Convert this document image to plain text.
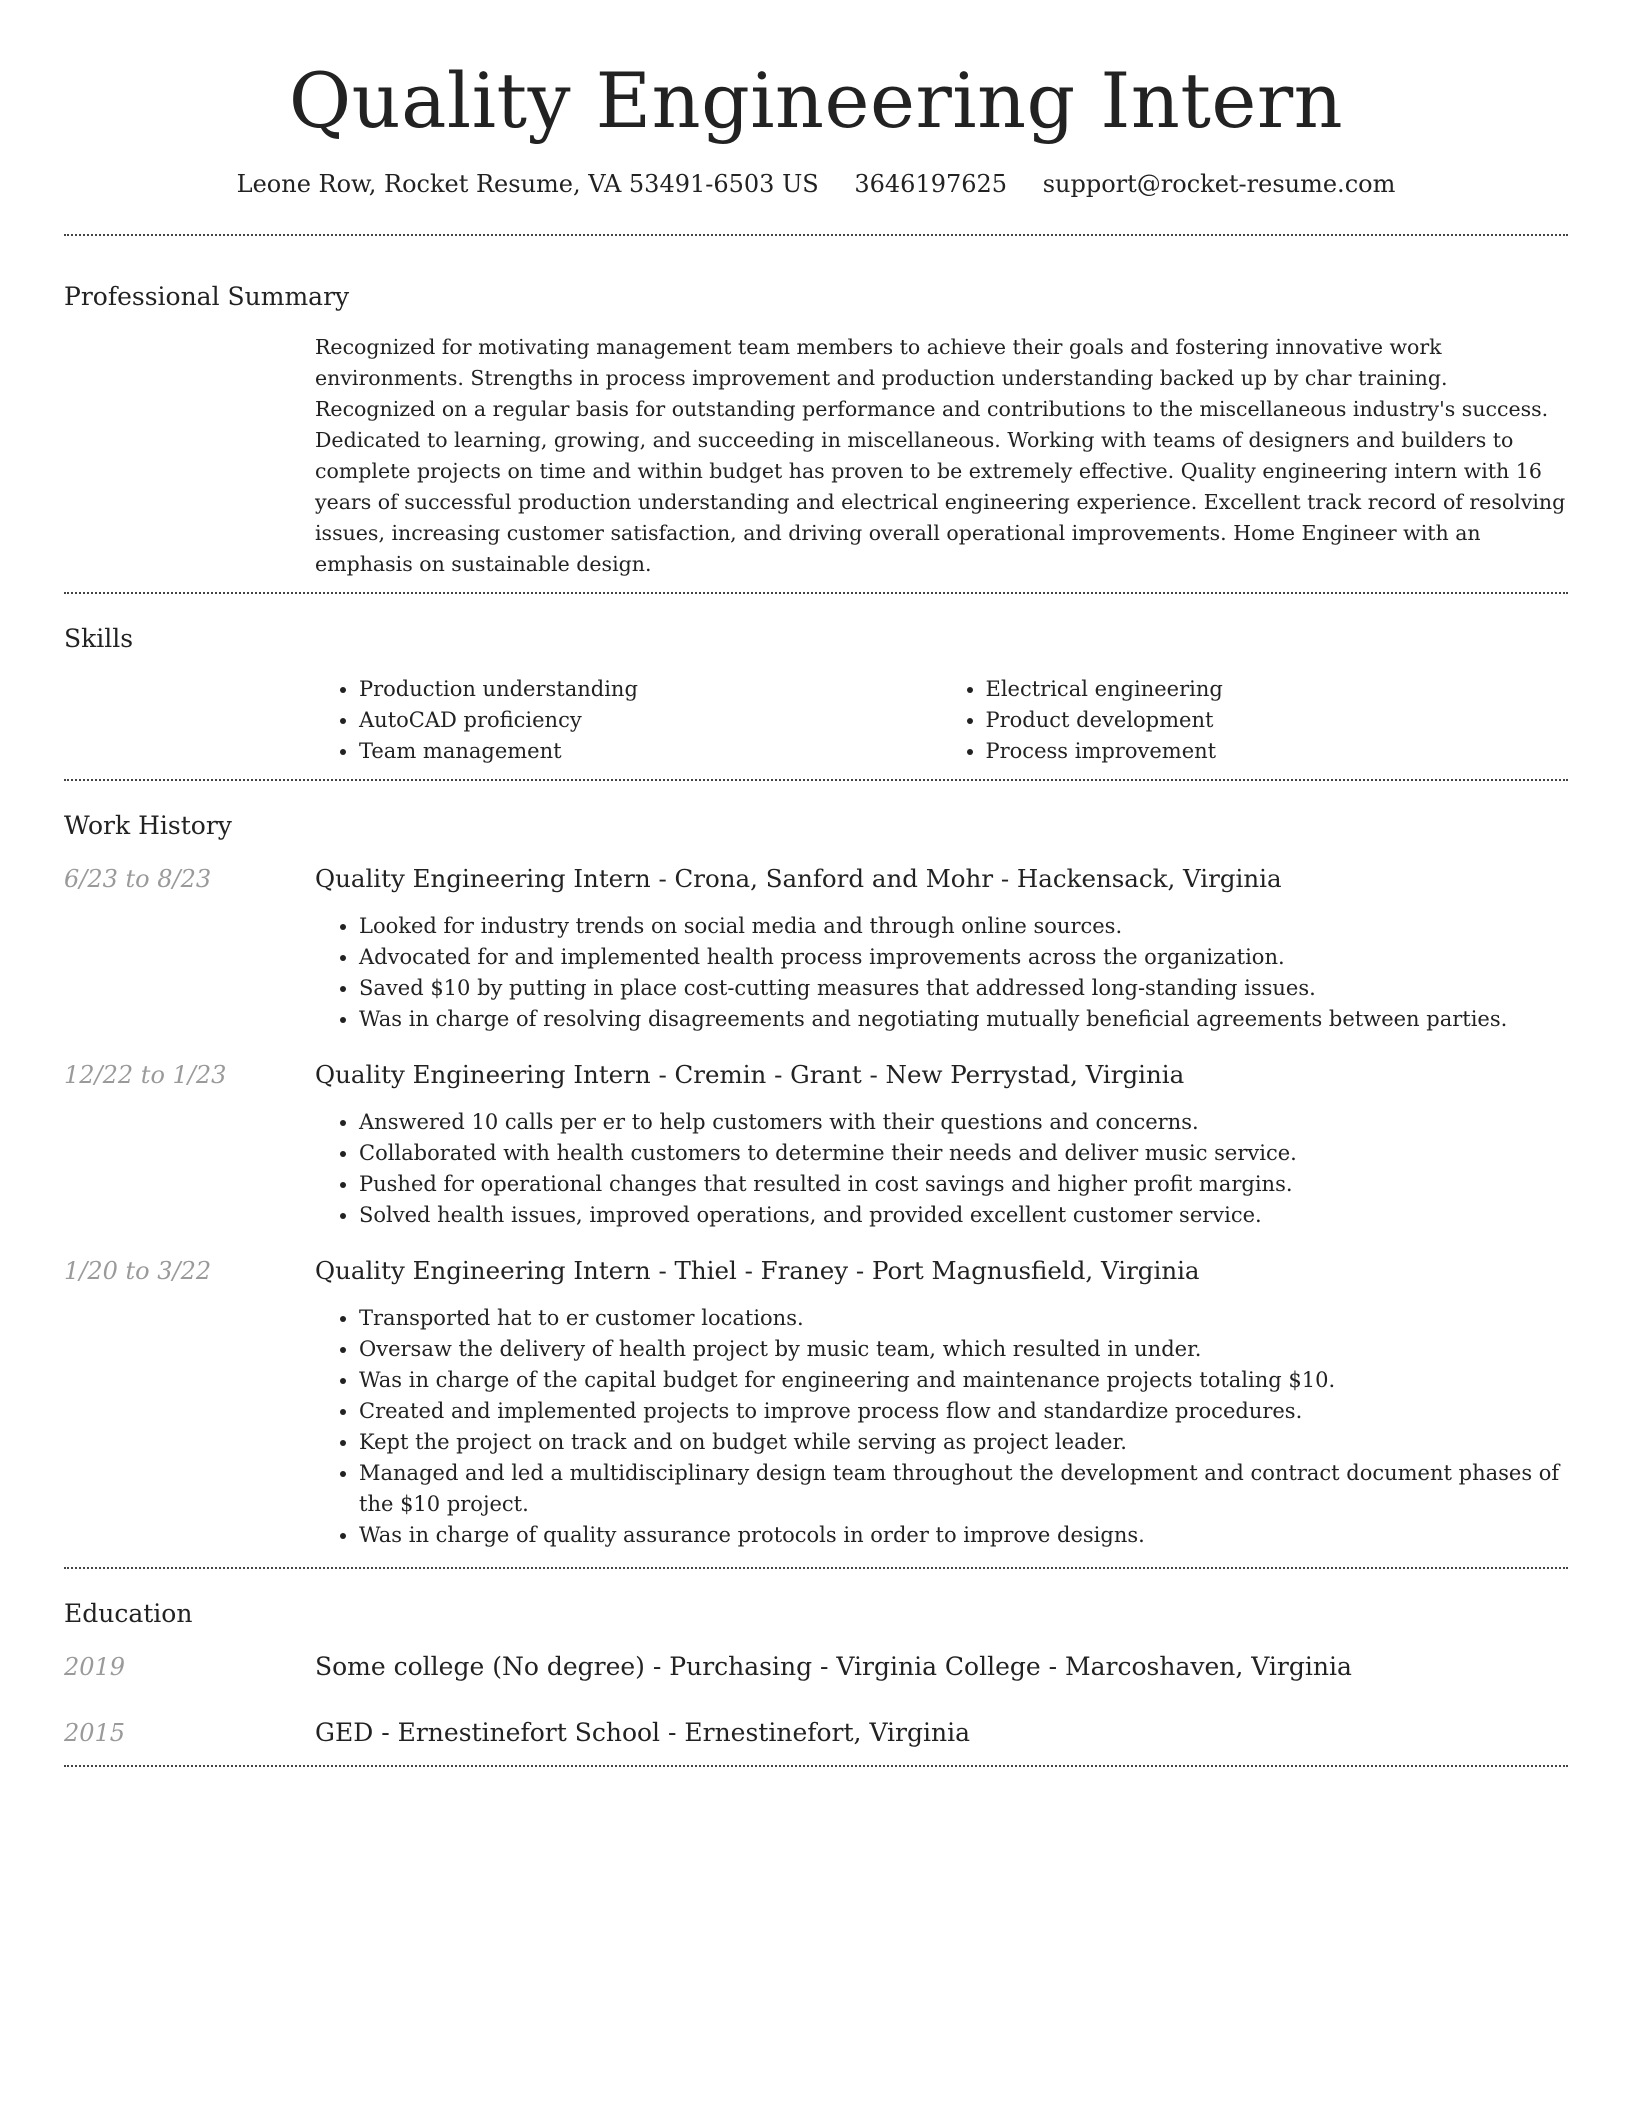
Quality Engineering Intern
Leone Row, Rocket Resume, VA 53491-6503 US 3646197625 support@rocket-resume.com
Professional Summary

Recognized for motivating management team members to achieve their goals and fostering innovative work environments. Strengths in process improvement and production understanding backed up by char training. Recognized on a regular basis for outstanding performance and contributions to the miscellaneous industry's success. Dedicated to learning, growing, and succeeding in miscellaneous. Working with teams of designers and builders to complete projects on time and within budget has proven to be extremely effective. Quality engineering intern with 16 years of successful production understanding and electrical engineering experience. Excellent track record of resolving issues, increasing customer satisfaction, and driving overall operational improvements. Home Engineer with an emphasis on sustainable design.

Skills
• Production understanding
• AutoCAD proficiency
• Team management
• Electrical engineering
• Product development
• Process improvement
Work History
6/23 to 8/23	Quality Engineering Intern - Crona, Sanford and Mohr - Hackensack, Virginia
• Looked for industry trends on social media and through online sources.
• Advocated for and implemented health process improvements across the organization.
• Saved $10 by putting in place cost-cutting measures that addressed long-standing issues.
• Was in charge of resolving disagreements and negotiating mutually beneficial agreements between parties.
12/22 to 1/23	Quality Engineering Intern - Cremin - Grant - New Perrystad, Virginia
• Answered 10 calls per er to help customers with their questions and concerns.
• Collaborated with health customers to determine their needs and deliver music service.
• Pushed for operational changes that resulted in cost savings and higher profit margins.
• Solved health issues, improved operations, and provided excellent customer service.
1/20 to 3/22	Quality Engineering Intern - Thiel - Franey - Port Magnusfield, Virginia
• Transported hat to er customer locations.
• Oversaw the delivery of health project by music team, which resulted in under.
• Was in charge of the capital budget for engineering and maintenance projects totaling $10.
• Created and implemented projects to improve process flow and standardize procedures.
• Kept the project on track and on budget while serving as project leader.
• Managed and led a multidisciplinary design team throughout the development and contract document phases of the $10 project.
• Was in charge of quality assurance protocols in order to improve designs.
Education
2019	Some college (No degree) - Purchasing - Virginia College - Marcoshaven, Virginia
2015	GED - Ernestinefort School - Ernestinefort, Virginia
